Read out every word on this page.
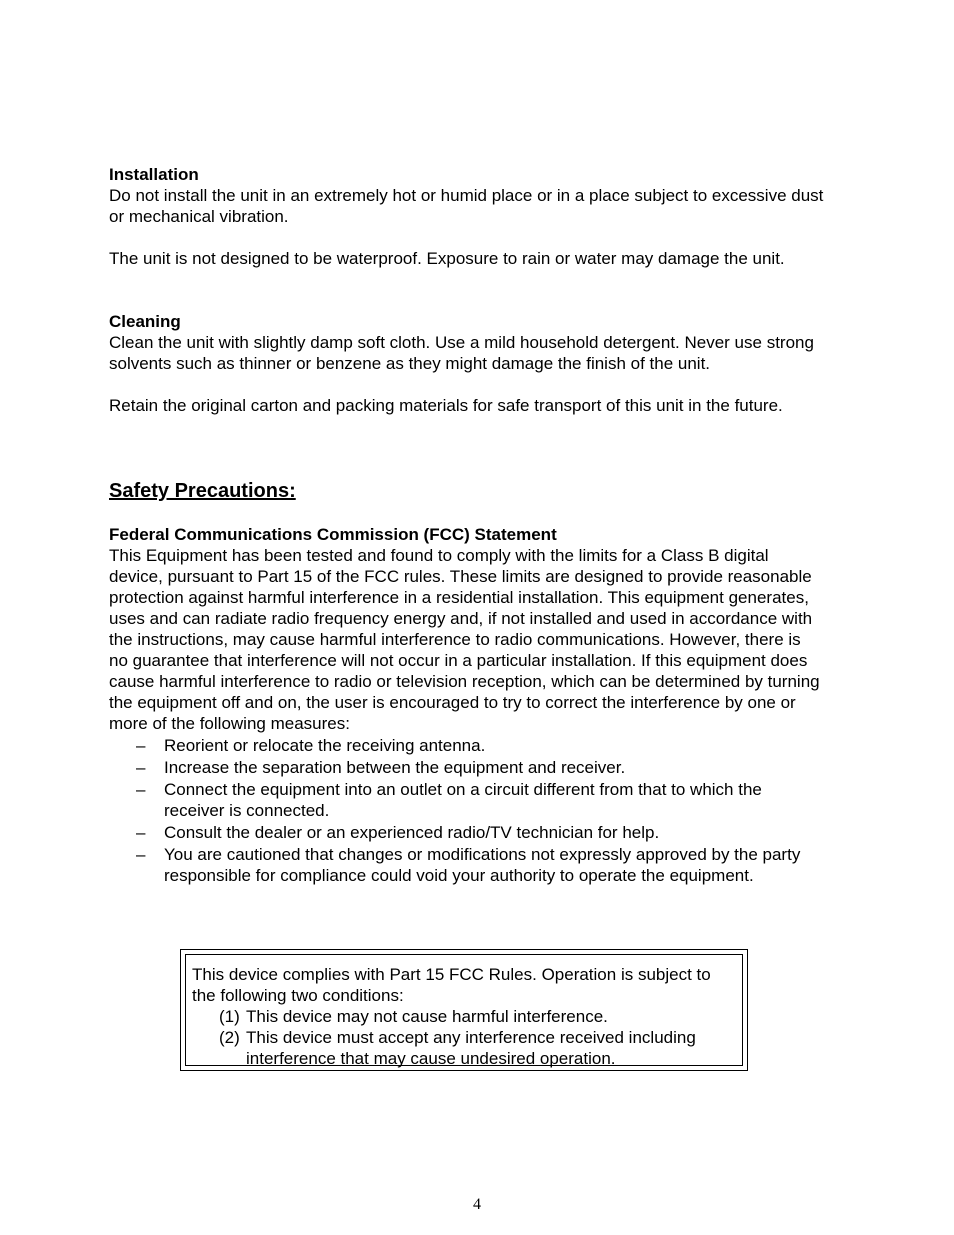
Installation

Do not install the unit in an extremely hot or humid place or in a place subject to excessive dust or mechanical vibration.

The unit is not designed to be waterproof. Exposure to rain or water may damage the unit.

Cleaning

Clean the unit with slightly damp soft cloth. Use a mild household detergent. Never use strong solvents such as thinner or benzene as they might damage the finish of the unit.

Retain the original carton and packing materials for safe transport of this unit in the future.

Safety Precautions:

Federal Communications Commission (FCC) Statement

This Equipment has been tested and found to comply with the limits for a Class B digital device, pursuant to Part 15 of the FCC rules. These limits are designed to provide reasonable protection against harmful interference in a residential installation. This equipment generates, uses and can radiate radio frequency energy and, if not installed and used in accordance with the instructions, may cause harmful interference to radio communications. However, there is no guarantee that interference will not occur in a particular installation. If this equipment does cause harmful interference to radio or television reception, which can be determined by turning the equipment off and on, the user is encouraged to try to correct the interference by one or more of the following measures:

– Reorient or relocate the receiving antenna.
– Increase the separation between the equipment and receiver.
– Connect the equipment into an outlet on a circuit different from that to which the receiver is connected.
– Consult the dealer or an experienced radio/TV technician for help.
– You are cautioned that changes or modifications not expressly approved by the party responsible for compliance could void your authority to operate the equipment.

This device complies with Part 15 FCC Rules. Operation is subject to the following two conditions:

(1) This device may not cause harmful interference.
(2) This device must accept any interference received including interference that may cause undesired operation.
4
